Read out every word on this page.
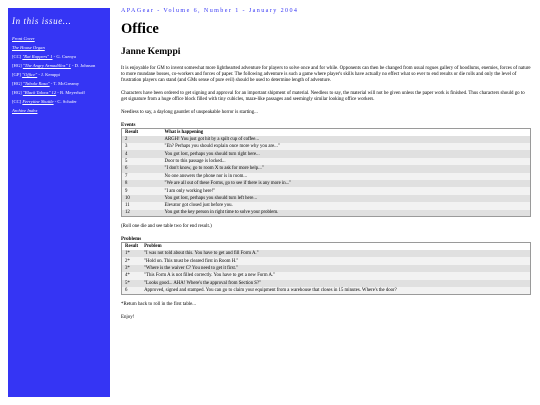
In this issue...
Front Cover
The House Organ
[CC] "Rat Rappers" 1 - G. Cuenya
[HG] "The Angry Armadillos" 1 - D. Johnson
[GP] "Office" - J. Kemppi
[HG] "Tabula Rasa" - T. McGreamy
[HG] "Black Taloos" 12 - B. Meyerhoff
[CC] Ferrytine Shuttle - C. Schafer
Archive Index
APAGear - Volume 6, Number 1 - January 2004
Office
Janne Kemppi

It is enjoyable for GM to invent somewhat more lighthearted adventure for players to solve once and for while. Opponents can then be changed from usual rogues gallery of hoodlums, enemies, forces of nature to more mundane bosses, co-workers and forces of paper. The following adventure is such a game where player's skills have actually no effect what so ever to end results or die rolls and only the level of frustration players can stand (and GMs sense of pure evil) should be used to determine length of adventure.

Characters have been ordered to get signing and approval for an important shipment of material. Needless to say, the material will not be given unless the paper work is finished. Thus characters should go to get signature from a huge office block filled with tiny cubicles, maze-like passages and seemingly similar looking office workers.

Needless to say, a daylong gauntlet of unspeakable horror is starting...

Events
Result	What is happening
2	ARGH! You just got hit by a spilt cup of coffee...
3	"Eh? Perhaps you should explain once more why you are..."
4	You got lost, perhaps you should turn right here...
5	Door to this passage is locked...
6	"I don't know, go to room X to ask for more help..."
7	No one answers the phone nor is in room...
8	"We are all out of these Forms, go to see if there is any more in..."
9	"I am only working here!"
10	You got lost, perhaps you should turn left here...
11	Elevator got closed just before you.
12	You got the key person in right time to solve your problem.

(Roll one die and see table two for end result.)

Problems
Result	Problem
1*	"I was not told about this. You have to get and fill Form A."
2*	"Hold on. This must be cleared first in Room H."
3*	"Where is the waiver C? You need to get it first."
4*	"This Form A is not filled correctly. You have to get a new Form A."
5*	"Looks good... AHA! Where's the approval from Section S?"
6	Approved, signed and stamped. You can go to claim your equipment from a warehouse that closes in 15 minutes. Where's the door?

*Return back to roll in the first table...

Enjoy!
